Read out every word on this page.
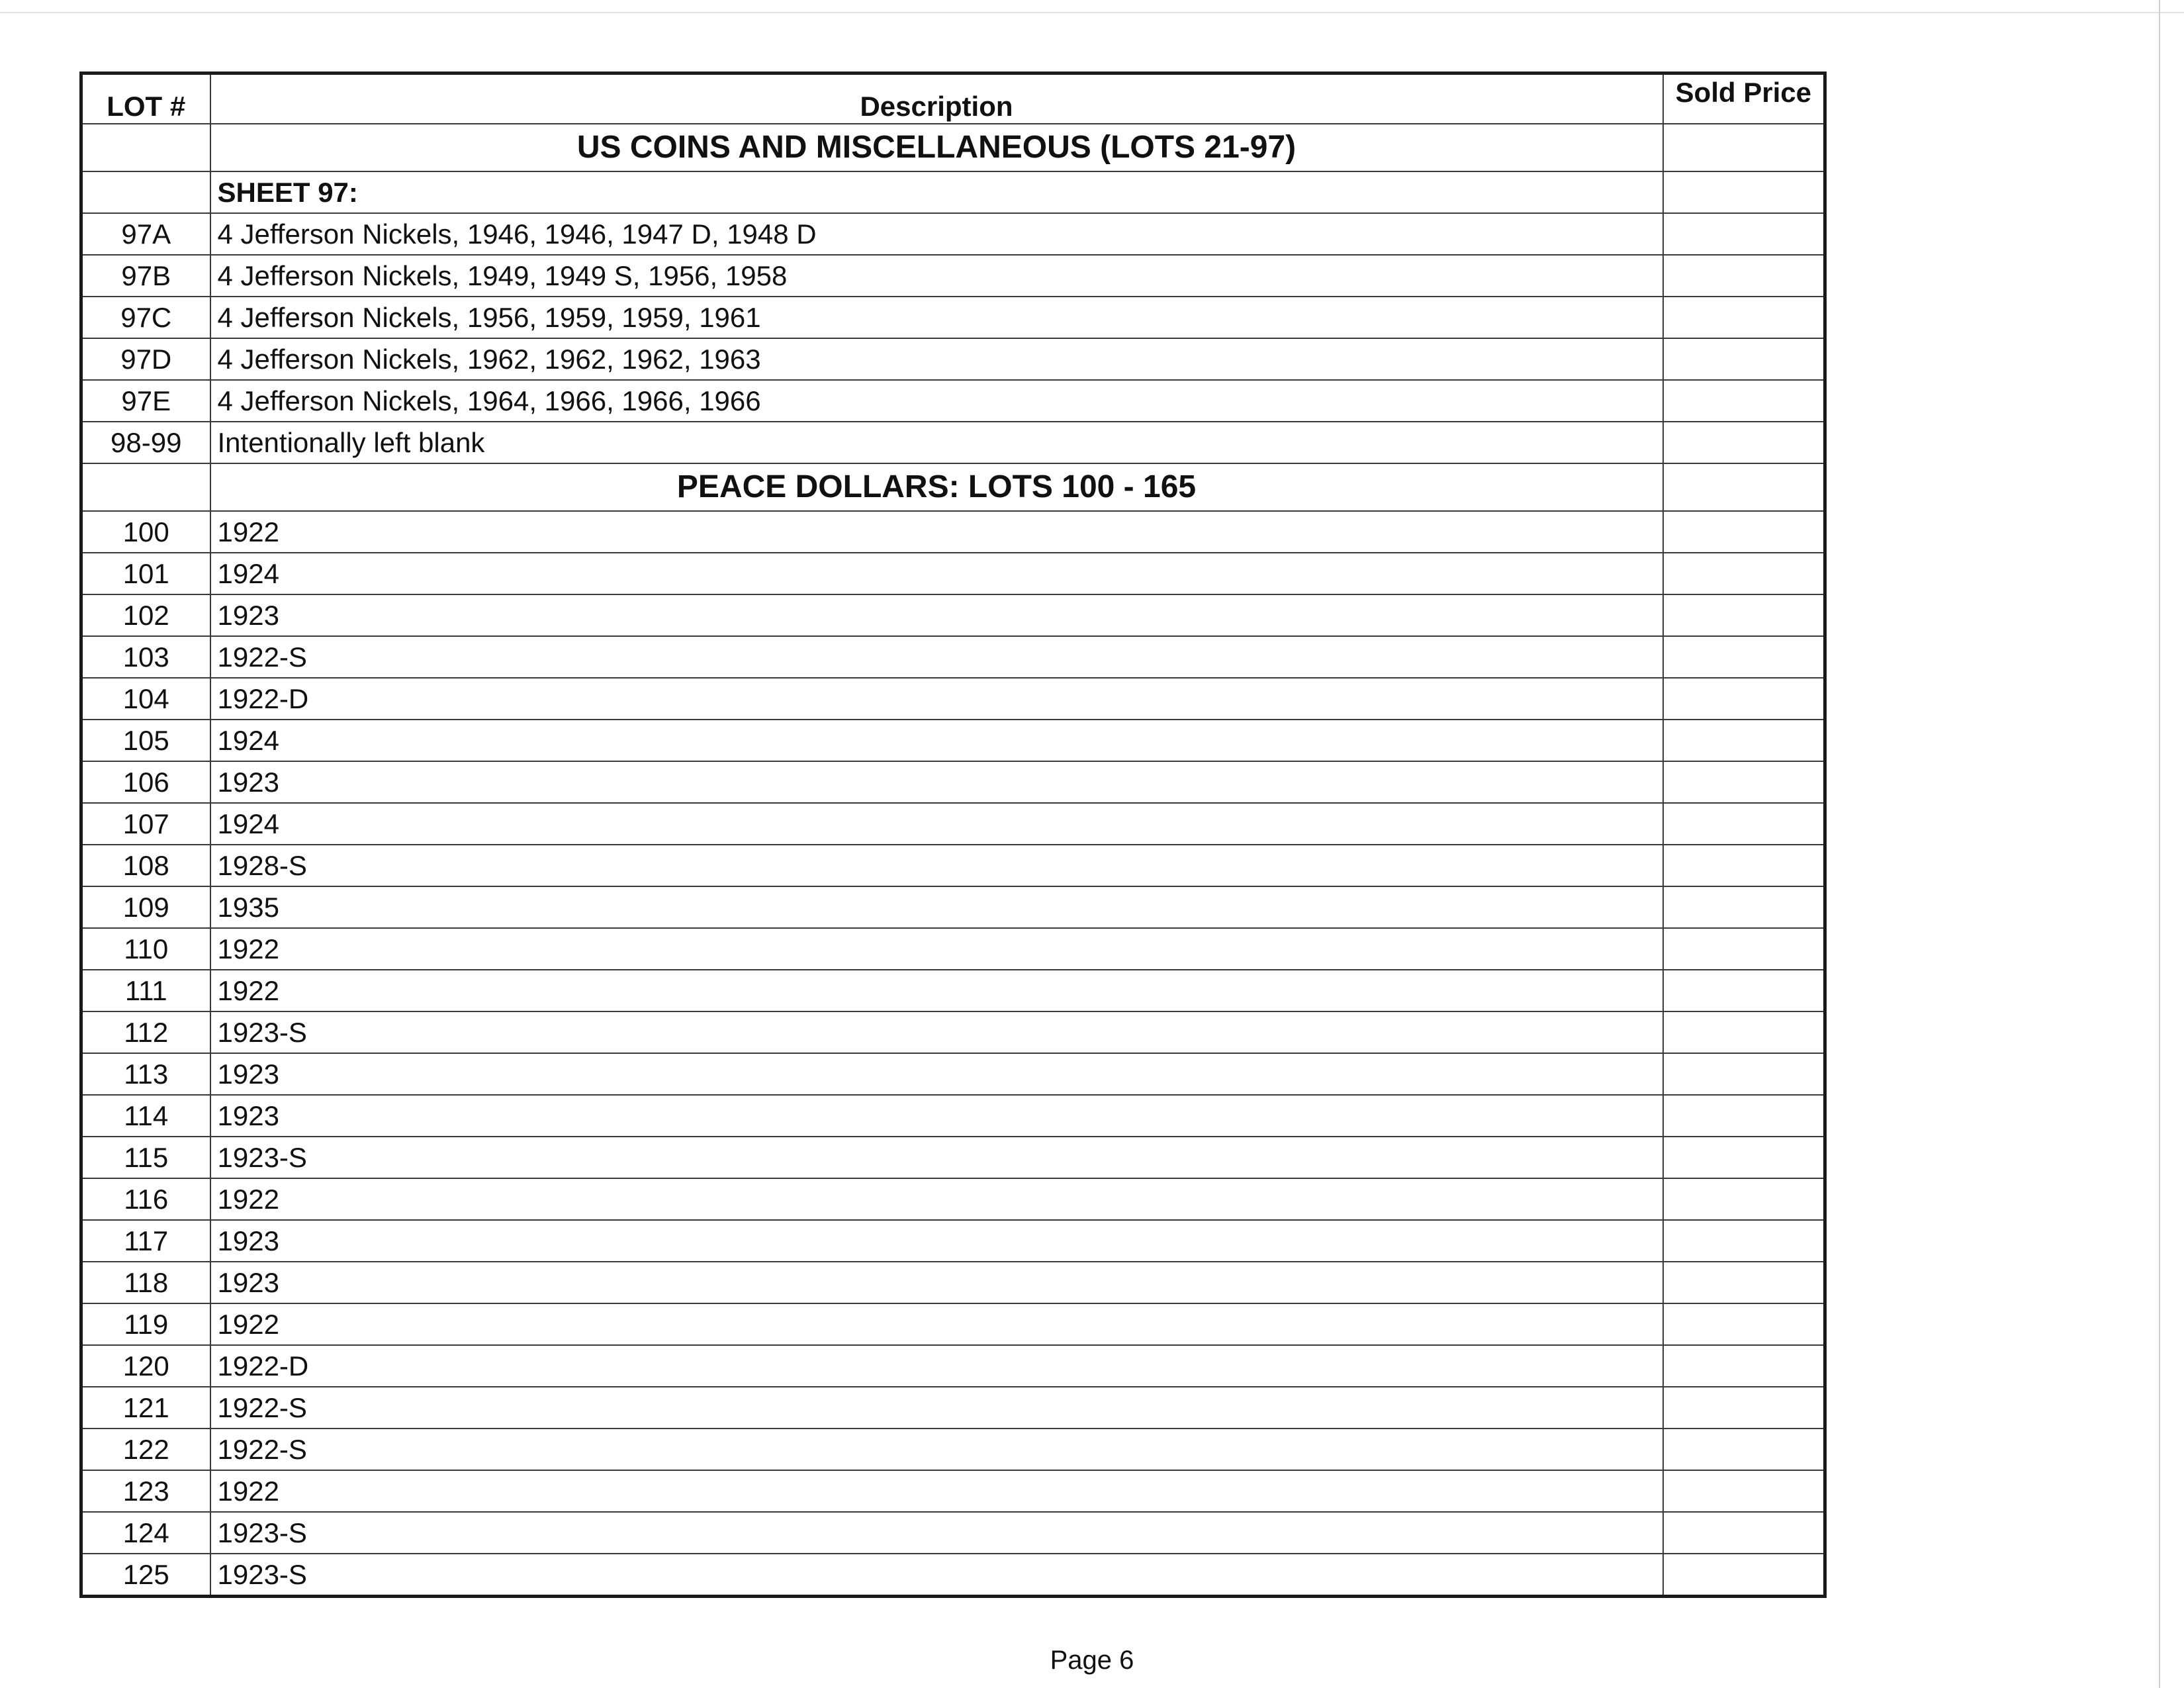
LOT #	Description	Sold Price
	US COINS AND MISCELLANEOUS (LOTS 21-97)	
	SHEET 97:	
97A	4 Jefferson Nickels, 1946, 1946, 1947 D, 1948 D	
97B	4 Jefferson Nickels, 1949, 1949 S, 1956, 1958	
97C	4 Jefferson Nickels, 1956, 1959, 1959, 1961	
97D	4 Jefferson Nickels, 1962, 1962, 1962, 1963	
97E	4 Jefferson Nickels, 1964, 1966, 1966, 1966	
98-99	Intentionally left blank	
	PEACE DOLLARS: LOTS 100 - 165	
100	1922	
101	1924	
102	1923	
103	1922-S	
104	1922-D	
105	1924	
106	1923	
107	1924	
108	1928-S	
109	1935	
110	1922	
111	1922	
112	1923-S	
113	1923	
114	1923	
115	1923-S	
116	1922	
117	1923	
118	1923	
119	1922	
120	1922-D	
121	1922-S	
122	1922-S	
123	1922	
124	1923-S	
125	1923-S	
Page 6
